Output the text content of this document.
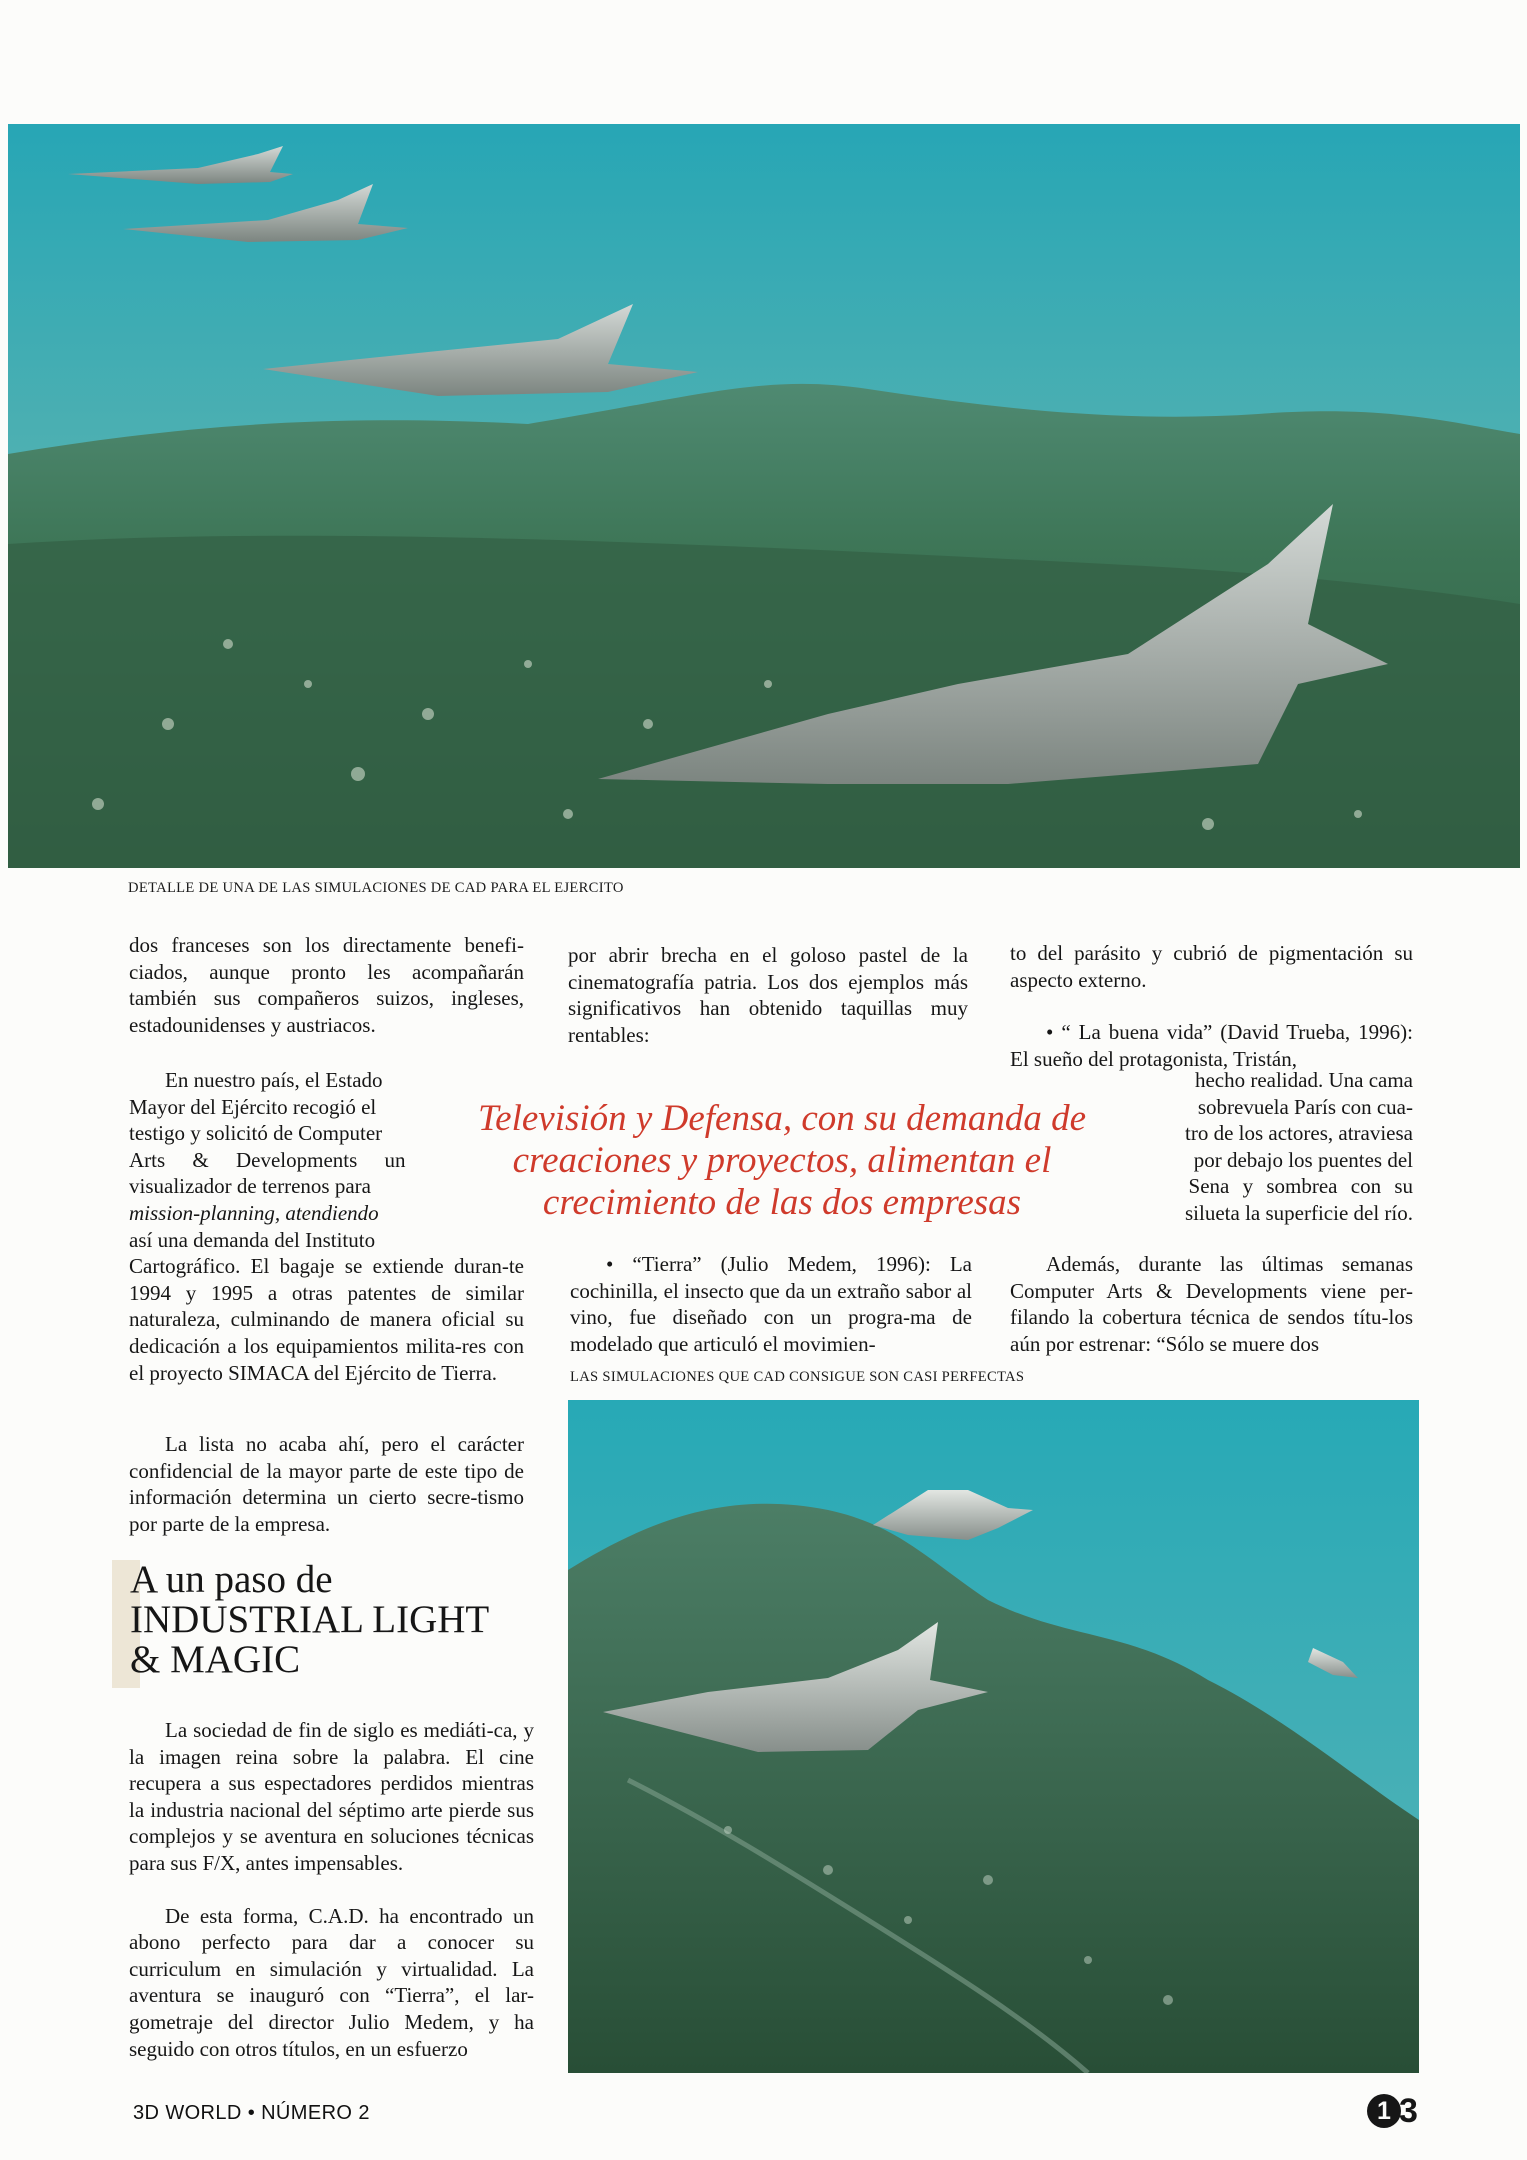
DETALLE DE UNA DE LAS SIMULACIONES DE CAD PARA EL EJERCITO

dos franceses son los directamente benefi-ciados, aunque pronto les acompañarán también sus compañeros suizos, ingleses, estadounidenses y austriacos.

En nuestro país, el Estado
Mayor del Ejército recogió el
testigo y solicitó de Computer
Arts & Developments un
visualizador de terrenos para
mission-planning, atendiendo
así una demanda del Instituto
Cartográfico. El bagaje se extiende duran-te 1994 y 1995 a otras patentes de similar naturaleza, culminando de manera oficial su dedicación a los equipamientos milita-res con el proyecto SIMACA del Ejército de Tierra.

La lista no acaba ahí, pero el carácter confidencial de la mayor parte de este tipo de información determina un cierto secre-tismo por parte de la empresa.

A un paso de
INDUSTRIAL LIGHT
& MAGIC

La sociedad de fin de siglo es mediáti-ca, y la imagen reina sobre la palabra. El cine recupera a sus espectadores perdidos mientras la industria nacional del séptimo arte pierde sus complejos y se aventura en soluciones técnicas para sus F/X, antes impensables.

De esta forma, C.A.D. ha encontrado un abono perfecto para dar a conocer su curriculum en simulación y virtualidad. La aventura se inauguró con “Tierra”, el lar-gometraje del director Julio Medem, y ha seguido con otros títulos, en un esfuerzo

por abrir brecha en el goloso pastel de la cinematografía patria. Los dos ejemplos más significativos han obtenido taquillas muy rentables:

Televisión y Defensa, con su demanda de creaciones y proyectos, alimentan el crecimiento de las dos empresas

• “Tierra” (Julio Medem, 1996): La cochinilla, el insecto que da un extraño sabor al vino, fue diseñado con un progra-ma de modelado que articuló el movimien-

LAS SIMULACIONES QUE CAD CONSIGUE SON CASI PERFECTAS

to del parásito y cubrió de pigmentación su aspecto externo.

• “ La buena vida” (David Trueba, 1996): El sueño del protagonista, Tristán,

hecho realidad. Una cama
sobrevuela París con cua-
tro de los actores, atraviesa
por debajo los puentes del
Sena y sombrea con su
silueta la superficie del río.

Además, durante las últimas semanas Computer Arts & Developments viene per-filando la cobertura técnica de sendos títu-los aún por estrenar: “Sólo se muere dos

3D WORLD • NÚMERO 2	1 3
